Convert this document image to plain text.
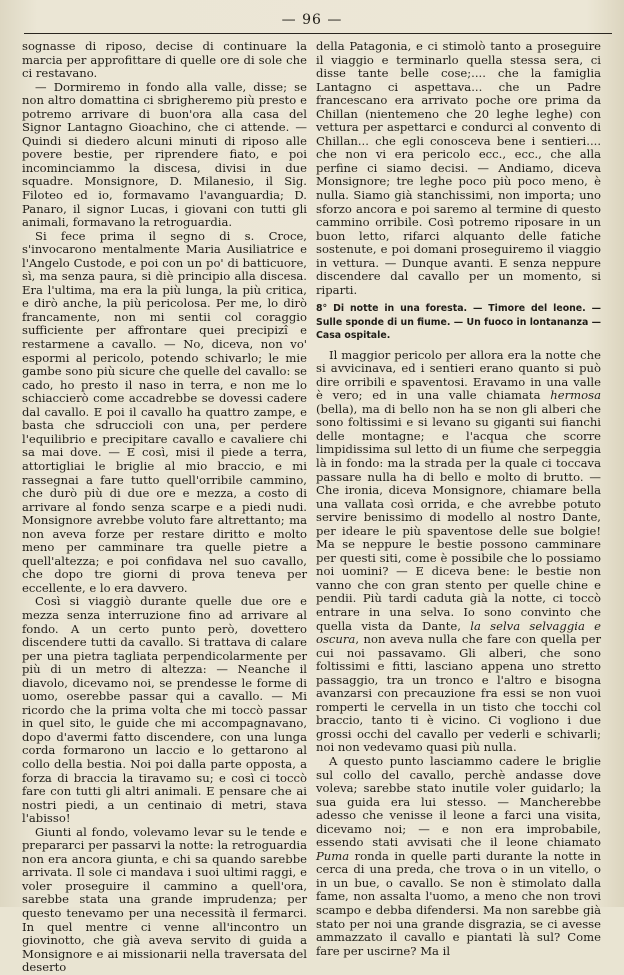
— 96 —

sognasse di riposo, decise di continuare la marcia per approfittare di quelle ore di sole che ci restavano.

— Dormiremo in fondo alla valle, disse; se non altro domattina ci sbrigheremo più presto e potremo arrivare di buon'ora alla casa del Signor Lantagno Gioachino, che ci attende. — Quindi si diedero alcuni minuti di riposo alle povere bestie, per riprendere fiato, e poi incominciammo la discesa, divisi in due squadre. Monsignore, D. Milanesio, il Sig. Filoteo ed io, formavamo l'avanguardia; D. Panaro, il signor Lucas, i giovani con tutti gli animali, formavano la retroguardia.

Si fece prima il segno di s. Croce, s'invocarono mentalmente Maria Ausiliatrice e l'Angelo Custode, e poi con un po' di batticuore, sì, ma senza paura, si diè principio alla discesa. Era l'ultima, ma era la più lunga, la più critica, e dirò anche, la più pericolosa. Per me, lo dirò francamente, non mi sentii col coraggio sufficiente per affrontare quei precipizî e restarmene a cavallo. — No, diceva, non vo' espormi al pericolo, potendo schivarlo; le mie gambe sono più sicure che quelle del cavallo: se cado, ho presto il naso in terra, e non me lo schiaccierò come accadrebbe se dovessi cadere dal cavallo. E poi il cavallo ha quattro zampe, e basta che sdruccioli con una, per perdere l'equilibrio e precipitare cavallo e cavaliere chi sa mai dove. — E così, misi il piede a terra, attortigliai le briglie al mio braccio, e mi rassegnai a fare tutto quell'orribile cammino, che durò più di due ore e mezza, a costo di arrivare al fondo senza scarpe e a piedi nudi. Monsignore avrebbe voluto fare altrettanto; ma non aveva forze per restare diritto e molto meno per camminare tra quelle pietre a quell'altezza; e poi confidava nel suo cavallo, che dopo tre giorni di prova teneva per eccellente, e lo era davvero.

Così si viaggiò durante quelle due ore e mezza senza interruzione fino ad arrivare al fondo. A un certo punto però, dovettero discendere tutti da cavallo. Si trattava di calare per una pietra tagliata perpendicolarmente per più di un metro di altezza: — Neanche il diavolo, dicevamo noi, se prendesse le forme di uomo, oserebbe passar qui a cavallo. — Mi ricordo che la prima volta che mi toccò passar in quel sito, le guide che mi accompagnavano, dopo d'avermi fatto discendere, con una lunga corda formarono un laccio e lo gettarono al collo della bestia. Noi poi dalla parte opposta, a forza di braccia la tiravamo su; e così ci toccò fare con tutti gli altri animali. E pensare che ai nostri piedi, a un centinaio di metri, stava l'abisso!

Giunti al fondo, volevamo levar su le tende e prepararci per passarvi la notte: la retroguardia non era ancora giunta, e chi sa quando sarebbe arrivata. Il sole ci mandava i suoi ultimi raggi, e voler proseguire il cammino a quell'ora, sarebbe stata una grande imprudenza; per questo tenevamo per una necessità il fermarci. In quel mentre ci venne all'incontro un giovinotto, che già aveva servito di guida a Monsignore e ai missionarii nella traversata del deserto

della Patagonia, e ci stimolò tanto a proseguire il viaggio e terminarlo quella stessa sera, ci disse tante belle cose;.... che la famiglia Lantagno ci aspettava... che un Padre francescano era arrivato poche ore prima da Chillan (nientemeno che 20 leghe leghe) con vettura per aspettarci e condurci al convento di Chillan... che egli conosceva bene i sentieri.... che non vi era pericolo ecc., ecc., che alla perfine ci siamo decisi. — Andiamo, diceva Monsignore; tre leghe poco più poco meno, è nulla. Siamo già stanchissimi, non importa; uno sforzo ancora e poi saremo al termine di questo cammino orribile. Così potremo riposare in un buon letto, rifarci alquanto delle fatiche sostenute, e poi domani proseguiremo il viaggio in vettura. — Dunque avanti. E senza neppure discendere dal cavallo per un momento, si riparti.

8° Di notte in una foresta. — Timore del leone. — Sulle sponde di un fiume. — Un fuoco in lontananza — Casa ospitale.

Il maggior pericolo per allora era la notte che si avvicinava, ed i sentieri erano quanto si può dire orribili e spaventosi. Eravamo in una valle è vero; ed in una valle chiamata hermosa (bella), ma di bello non ha se non gli alberi che sono foltissimi e si levano su giganti sui fianchi delle montagne; e l'acqua che scorre limpidissima sul letto di un fiume che serpeggia là in fondo: ma la strada per la quale ci toccava passare nulla ha di bello e molto di brutto. — Che ironia, diceva Monsignore, chiamare bella una vallata così orrida, e che avrebbe potuto servire benissimo di modello al nostro Dante, per ideare le più spaventose delle sue bolgie! Ma se neppure le bestie possono camminare per questi siti, come è possibile che lo possiamo noi uomini? — E diceva bene: le bestie non vanno che con gran stento per quelle chine e pendii. Più tardi caduta già la notte, ci toccò entrare in una selva. Io sono convinto che quella vista da Dante, la selva selvaggia e oscura, non aveva nulla che fare con quella per cui noi passavamo. Gli alberi, che sono foltissimi e fitti, lasciano appena uno stretto passaggio, tra un tronco e l'altro e bisogna avanzarsi con precauzione fra essi se non vuoi romperti le cervella in un tisto che tocchi col braccio, tanto ti è vicino. Ci vogliono i due grossi occhi del cavallo per vederli e schivarli; noi non vedevamo quasi più nulla.

A questo punto lasciammo cadere le briglie sul collo del cavallo, perchè andasse dove voleva; sarebbe stato inutile voler guidarlo; la sua guida era lui stesso. — Mancherebbe adesso che venisse il leone a farci una visita, dicevamo noi; — e non era improbabile, essendo stati avvisati che il leone chiamato Puma ronda in quelle parti durante la notte in cerca di una preda, che trova o in un vitello, o in un bue, o cavallo. Se non è stimolato dalla fame, non assalta l'uomo, a meno che non trovi scampo e debba difendersi. Ma non sarebbe già stato per noi una grande disgrazia, se ci avesse ammazzato il cavallo e piantati là sul? Come fare per uscirne? Ma il
